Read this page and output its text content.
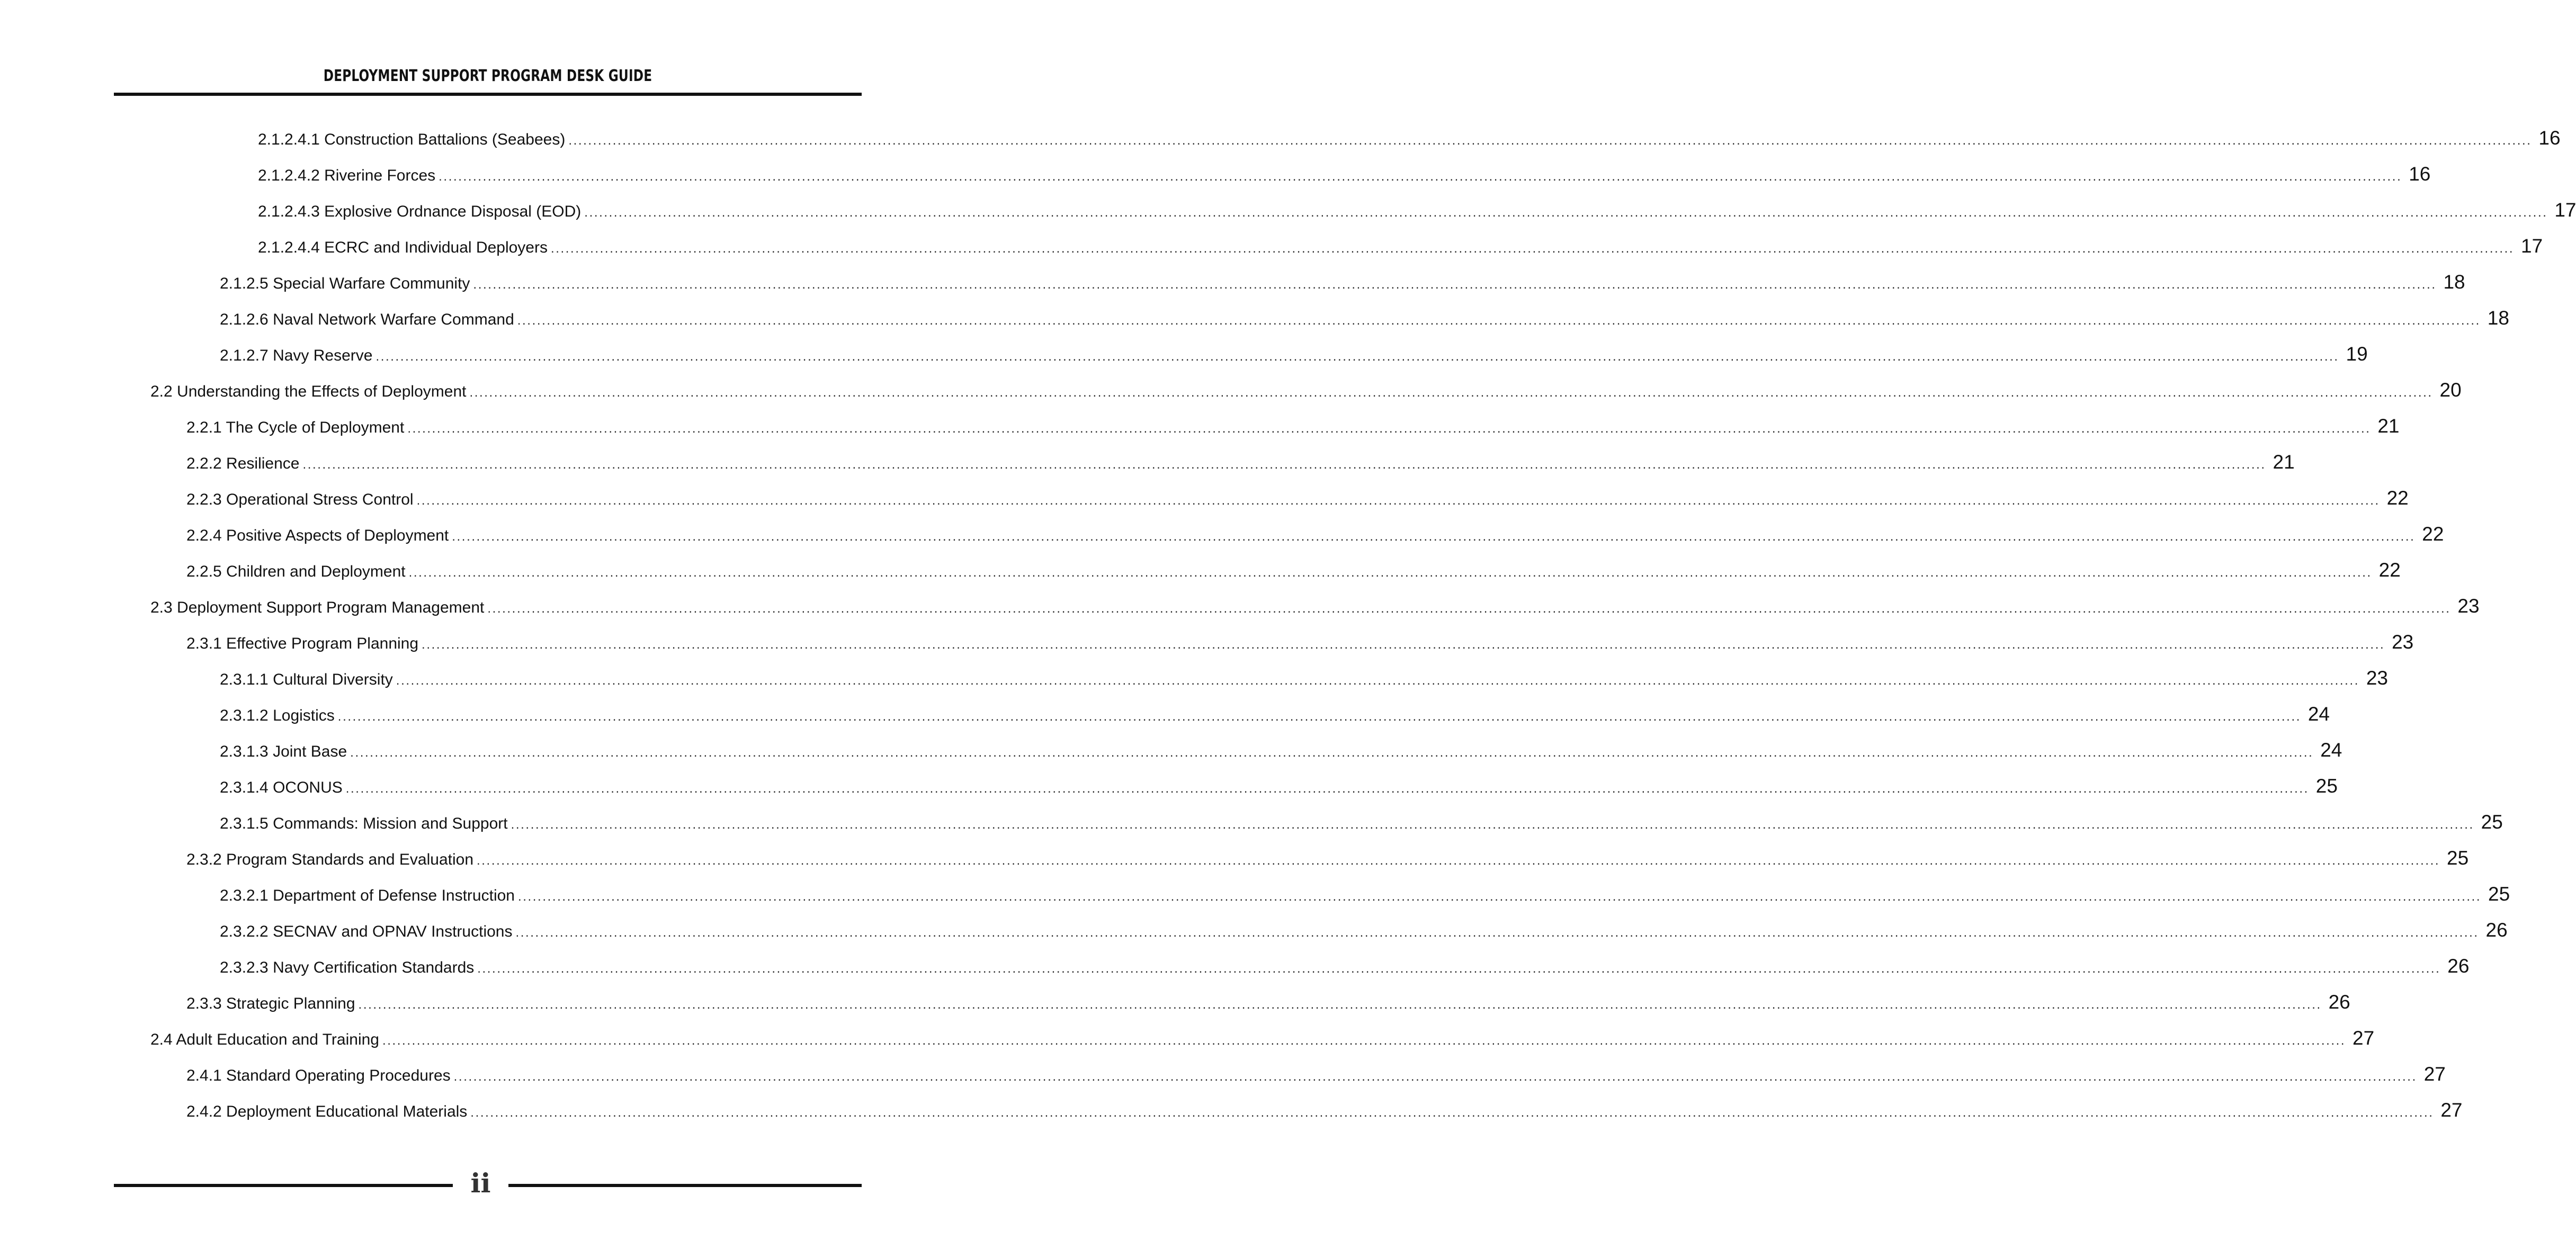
DEPLOYMENT SUPPORT PROGRAM DESK GUIDE
2.1.2.4.1 Construction Battalions (Seabees) ................................................................................................................................................................................................................................................................................................................................................................................................................ 16
2.1.2.4.2 Riverine Forces ................................................................................................................................................................................................................................................................................................................................................................................................................ 16
2.1.2.4.3 Explosive Ordnance Disposal (EOD) ................................................................................................................................................................................................................................................................................................................................................................................................................ 17
2.1.2.4.4 ECRC and Individual Deployers ................................................................................................................................................................................................................................................................................................................................................................................................................ 17
2.1.2.5 Special Warfare Community ................................................................................................................................................................................................................................................................................................................................................................................................................ 18
2.1.2.6 Naval Network Warfare Command ................................................................................................................................................................................................................................................................................................................................................................................................................ 18
2.1.2.7 Navy Reserve ................................................................................................................................................................................................................................................................................................................................................................................................................ 19
2.2 Understanding the Effects of Deployment ................................................................................................................................................................................................................................................................................................................................................................................................................ 20
2.2.1 The Cycle of Deployment ................................................................................................................................................................................................................................................................................................................................................................................................................ 21
2.2.2 Resilience ................................................................................................................................................................................................................................................................................................................................................................................................................ 21
2.2.3 Operational Stress Control ................................................................................................................................................................................................................................................................................................................................................................................................................ 22
2.2.4 Positive Aspects of Deployment ................................................................................................................................................................................................................................................................................................................................................................................................................ 22
2.2.5 Children and Deployment ................................................................................................................................................................................................................................................................................................................................................................................................................ 22
2.3 Deployment Support Program Management ................................................................................................................................................................................................................................................................................................................................................................................................................ 23
2.3.1 Effective Program Planning ................................................................................................................................................................................................................................................................................................................................................................................................................ 23
2.3.1.1 Cultural Diversity ................................................................................................................................................................................................................................................................................................................................................................................................................ 23
2.3.1.2 Logistics ................................................................................................................................................................................................................................................................................................................................................................................................................ 24
2.3.1.3 Joint Base ................................................................................................................................................................................................................................................................................................................................................................................................................ 24
2.3.1.4 OCONUS ................................................................................................................................................................................................................................................................................................................................................................................................................ 25
2.3.1.5 Commands: Mission and Support ................................................................................................................................................................................................................................................................................................................................................................................................................ 25
2.3.2 Program Standards and Evaluation ................................................................................................................................................................................................................................................................................................................................................................................................................ 25
2.3.2.1 Department of Defense Instruction ................................................................................................................................................................................................................................................................................................................................................................................................................ 25
2.3.2.2 SECNAV and OPNAV Instructions ................................................................................................................................................................................................................................................................................................................................................................................................................ 26
2.3.2.3 Navy Certification Standards ................................................................................................................................................................................................................................................................................................................................................................................................................ 26
2.3.3 Strategic Planning ................................................................................................................................................................................................................................................................................................................................................................................................................ 26
2.4 Adult Education and Training ................................................................................................................................................................................................................................................................................................................................................................................................................ 27
2.4.1 Standard Operating Procedures ................................................................................................................................................................................................................................................................................................................................................................................................................ 27
2.4.2 Deployment Educational Materials ................................................................................................................................................................................................................................................................................................................................................................................................................ 27
ii
